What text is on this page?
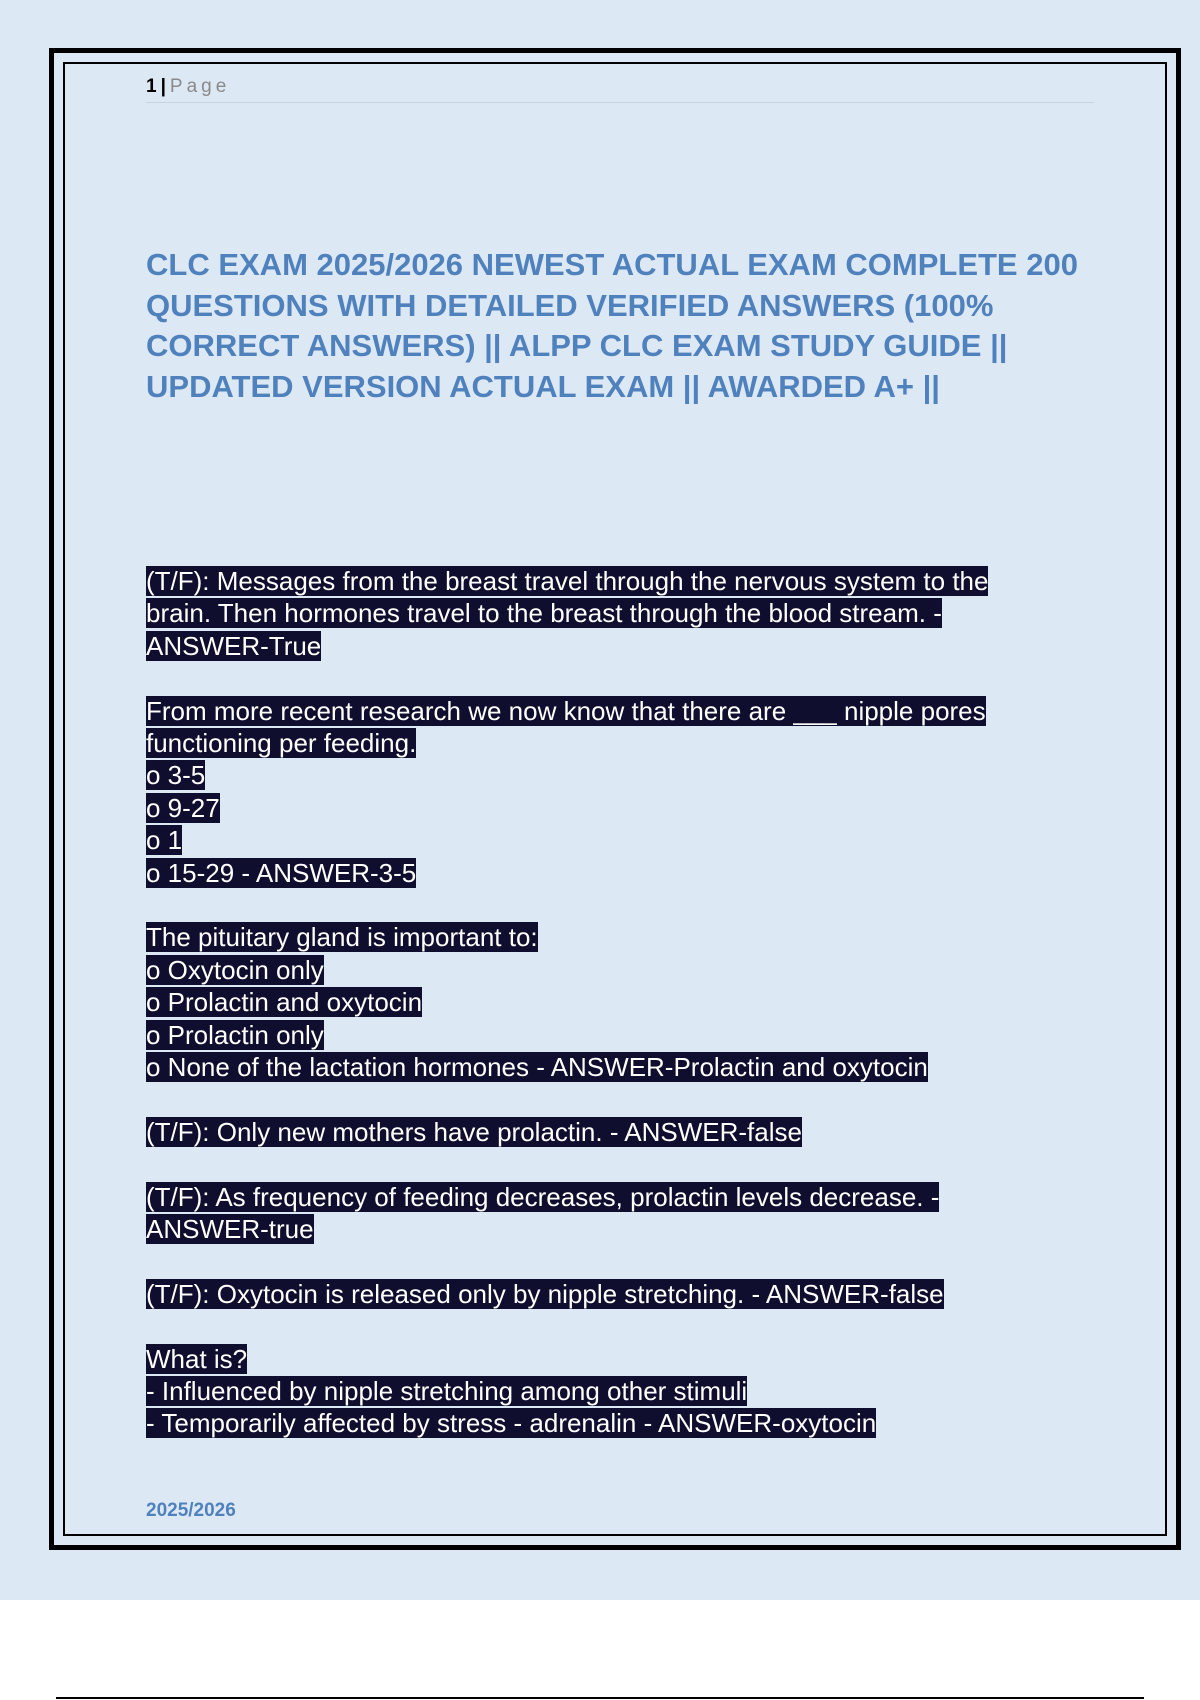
1 | Page
CLC EXAM 2025/2026 NEWEST ACTUAL EXAM COMPLETE 200 QUESTIONS WITH DETAILED VERIFIED ANSWERS (100% CORRECT ANSWERS) || ALPP CLC EXAM STUDY GUIDE || UPDATED VERSION ACTUAL EXAM || AWARDED A+ ||
(T/F): Messages from the breast travel through the nervous system to the
brain. Then hormones travel to the breast through the blood stream. -
ANSWER-True
From more recent research we now know that there are ___ nipple pores
functioning per feeding.
o 3-5
o 9-27
o 1
o 15-29 - ANSWER-3-5
The pituitary gland is important to:
o Oxytocin only
o Prolactin and oxytocin
o Prolactin only
o None of the lactation hormones - ANSWER-Prolactin and oxytocin
(T/F): Only new mothers have prolactin. - ANSWER-false
(T/F): As frequency of feeding decreases, prolactin levels decrease. -
ANSWER-true
(T/F): Oxytocin is released only by nipple stretching. - ANSWER-false
What is?
- Influenced by nipple stretching among other stimuli
- Temporarily affected by stress - adrenalin - ANSWER-oxytocin
2025/2026
